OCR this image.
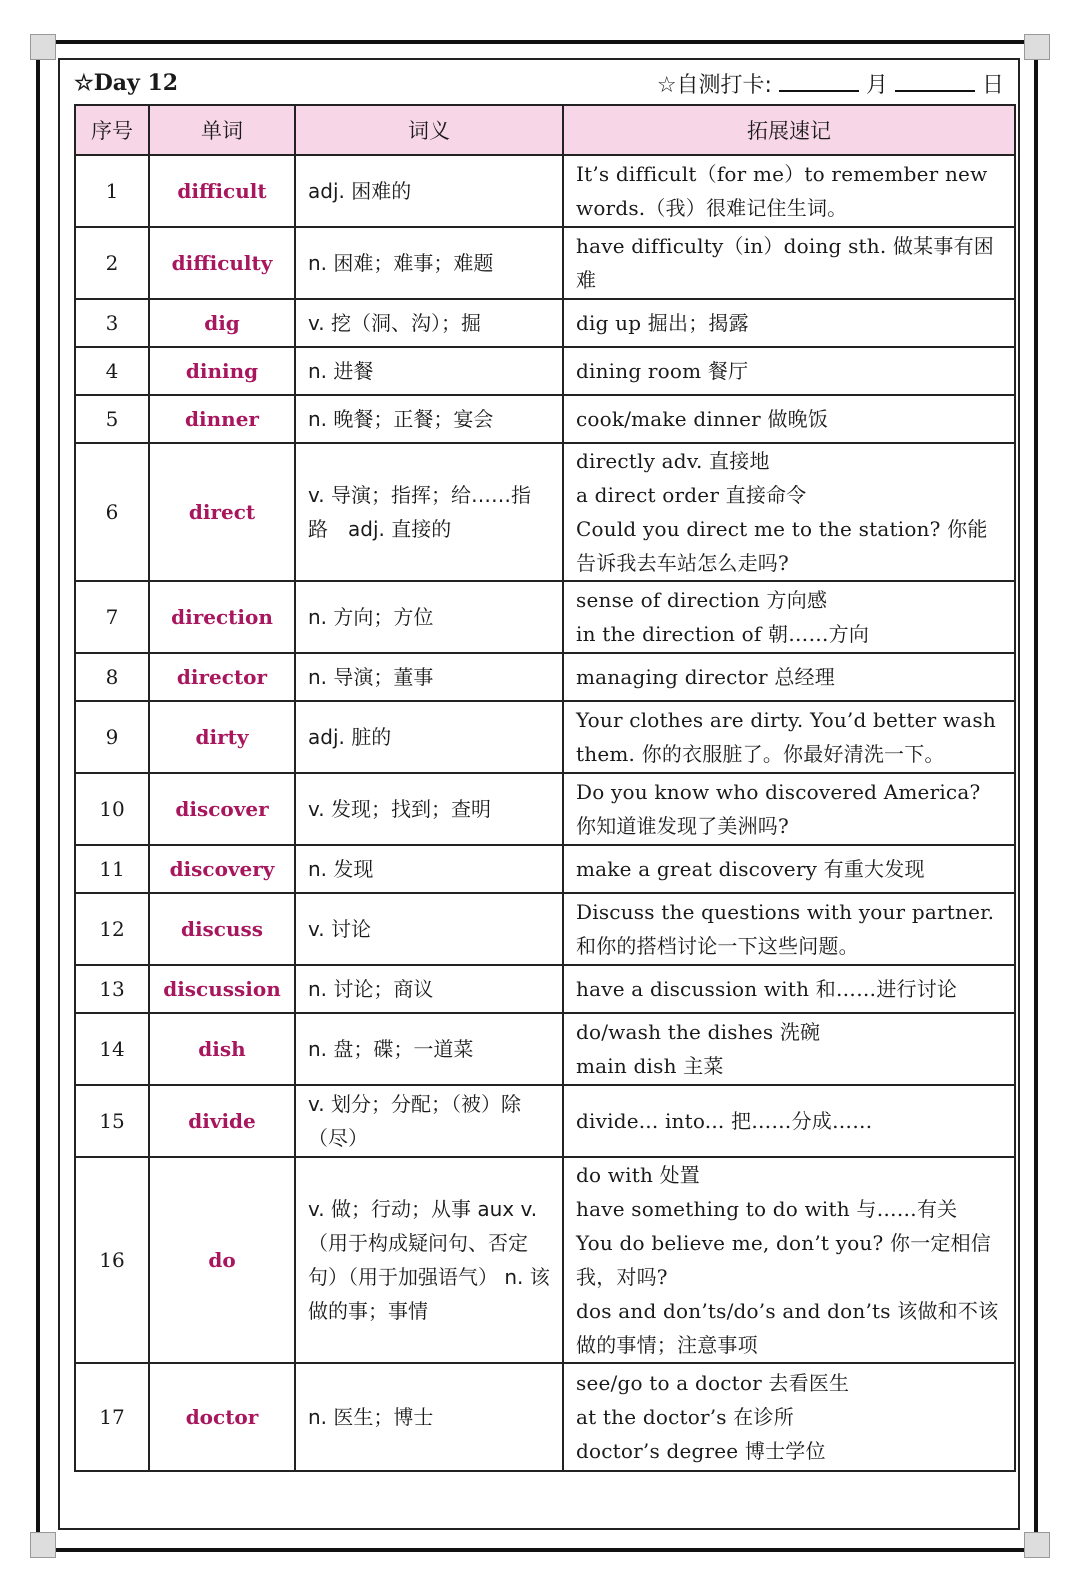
☆Day 12	☆自测打卡:	月	日
序号	单词	词义	拓展速记
1	difficult	adj. 困难的	It’s difficult（for me）to remember new words.（我）很难记住生词。

2	difficulty	n. 困难；难事；难题	have difficulty（in）doing sth. 做某事有困难

3	dig	v. 挖（洞、沟）；掘	dig up 掘出；揭露

4	dining	n. 进餐	dining room 餐厅

5	dinner	n. 晚餐；正餐；宴会	cook/make dinner 做晚饭

6	direct	v. 导演；指挥；给……指路　adj. 直接的	directly adv. 直接地
a direct order 直接命令
Could you direct me to the station? 你能告诉我去车站怎么走吗?

7	direction	n. 方向；方位	sense of direction 方向感
in the direction of 朝……方向

8	director	n. 导演；董事	managing director 总经理

9	dirty	adj. 脏的	Your clothes are dirty. You’d better wash them. 你的衣服脏了。你最好清洗一下。

10	discover	v. 发现；找到；查明	Do you know who discovered America? 你知道谁发现了美洲吗?

11	discovery	n. 发现	make a great discovery 有重大发现

12	discuss	v. 讨论	Discuss the questions with your partner. 和你的搭档讨论一下这些问题。

13	discussion	n. 讨论；商议	have a discussion with 和……进行讨论

14	dish	n. 盘；碟；一道菜	do/wash the dishes 洗碗
main dish 主菜

15	divide	v. 划分；分配；（被）除（尽）	divide... into... 把……分成……

16	do	v. 做；行动；从事 aux v.（用于构成疑问句、否定句）（用于加强语气） n. 该做的事；事情	do with 处置
have something to do with 与……有关
You do believe me, don’t you? 你一定相信我，对吗?
dos and don’ts/do’s and don’ts 该做和不该做的事情；注意事项

17	doctor	n. 医生；博士	see/go to a doctor 去看医生
at the doctor’s 在诊所
doctor’s degree 博士学位
